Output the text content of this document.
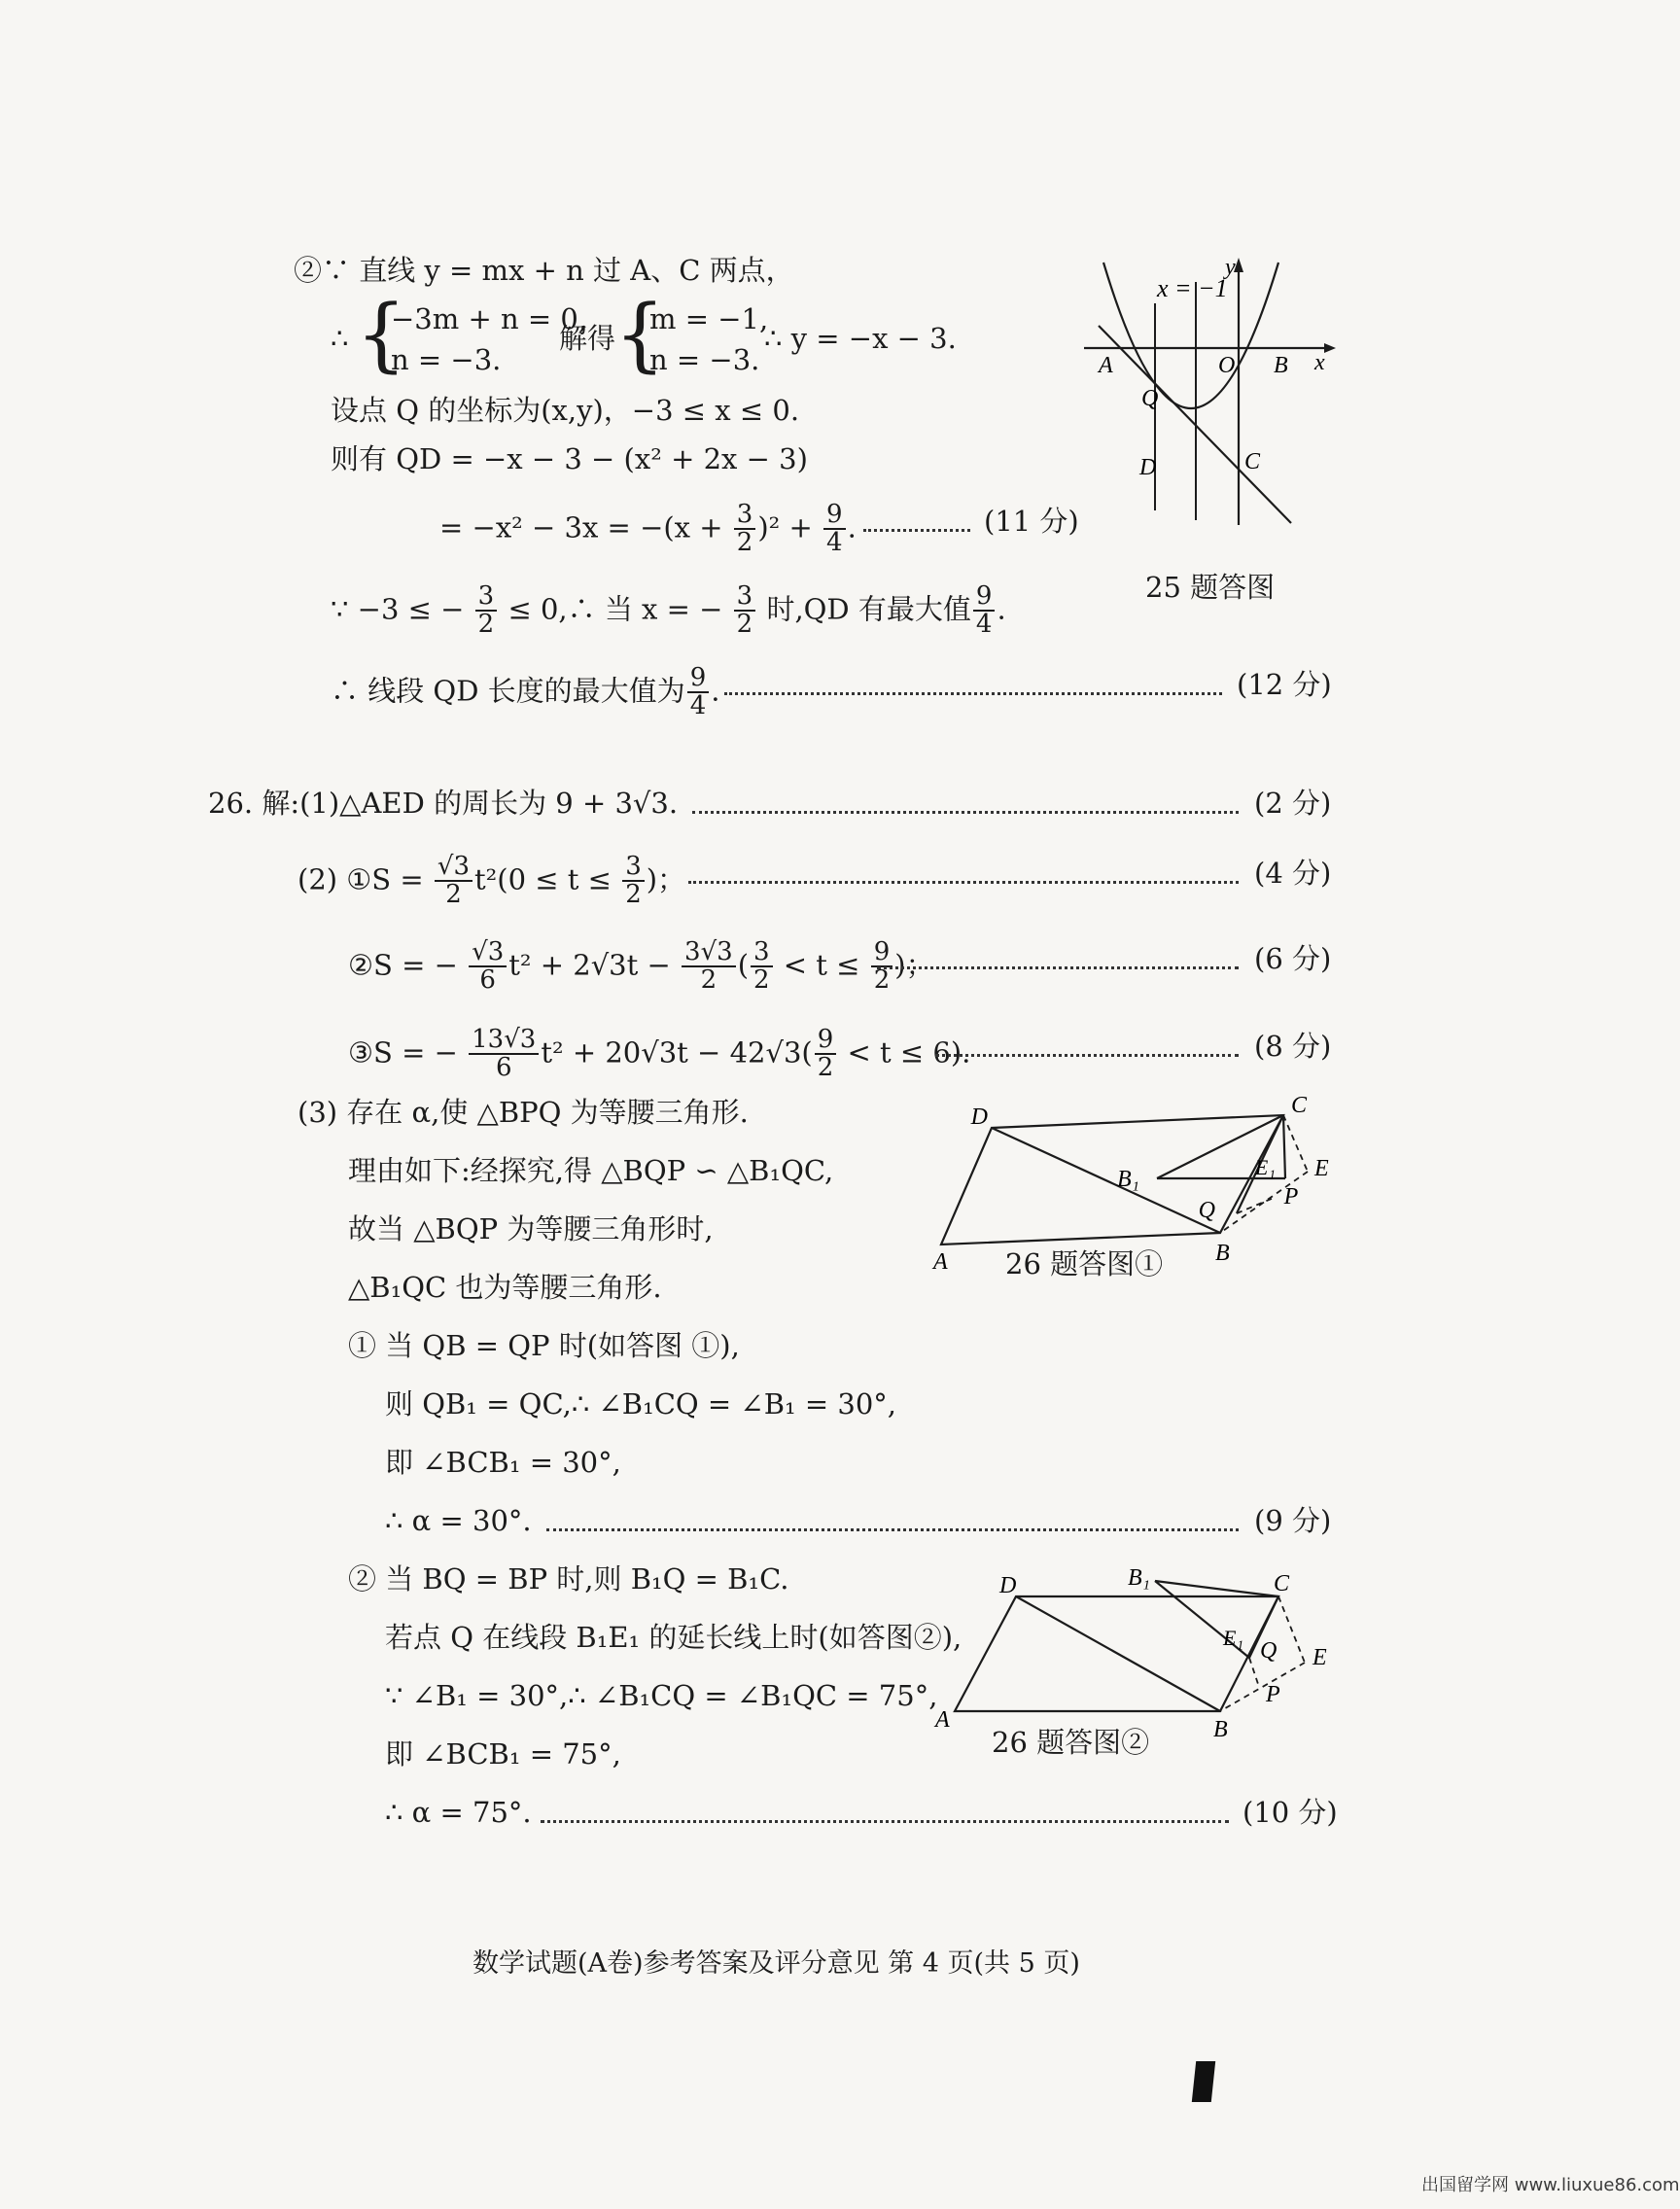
②∵ 直线 y = mx + n 过 A、C 两点，
∴ {
−3m + n = 0,
n = −3.
解得
{
m = −1,
n = −3.
∴ y = −x − 3.
设点 Q 的坐标为(x,y)，−3 ≤ x ≤ 0.
则有 QD = −x − 3 − (x² + 2x − 3)
= $-x^2 - 3x = -(x + \frac{3}{2} )^2 + \frac{9}{4}$ .	(11 分)
∵ −3 ≤ − $\frac{3}{2}$ ≤ 0,∴ 当 x = − $\frac{3}{2}$ 时,QD 有最大值 $\frac{9}{4}$ .
∴ 线段 QD 长度的最大值为 $\frac{9}{4}$ .	(12 分)
x = −1
y
x
A	O B
Q
D	C
25 题答图
26. 解:(1)△AED 的周长为 9 + 3√3.	(2 分)
(2) ①S = $\frac{√3}{2} t^2(0 \le t \le \frac{3}{2}$ )；	(4 分)
②S = − $\frac{√3}{6} t^2 + 2√3t - \frac{3√3}{2}$ ( $\frac{3}{2} < t \le \frac{9}{2}$ )；	(6 分)
③S = − $\frac{13√3}{6} t^2 + 20√3t - 42√3( \frac{9}{2} < t \le 6)$.	(8 分)
(3) 存在 α,使 △BPQ 为等腰三角形.
理由如下:经探究,得 △BQP ∽ △B₁QC,
故当 △BQP 为等腰三角形时,
△B₁QC 也为等腰三角形.
① 当 QB = QP 时(如答图 ①),
则 QB₁ = QC,∴ ∠B₁CQ = ∠B₁ = 30°,
即 ∠BCB₁ = 30°,
∴ α = 30°.	(9 分)
② 当 BQ = BP 时,则 B₁Q = B₁C.
若点 Q 在线段 B₁E₁ 的延长线上时(如答图②),
∵ ∠B₁ = 30°,∴ ∠B₁CQ = ∠B₁QC = 75°,
即 ∠BCB₁ = 75°,
∴ α = 75°.	(10 分)
D	C
B₁	E₁ E
Q
P
A	B
26 题答图①
D	B₁	C
E₁
Q E
P
A	B
26 题答图②
数学试题(A卷)参考答案及评分意见 第 4 页(共 5 页)
出国留学网 www.liuxue86.com
